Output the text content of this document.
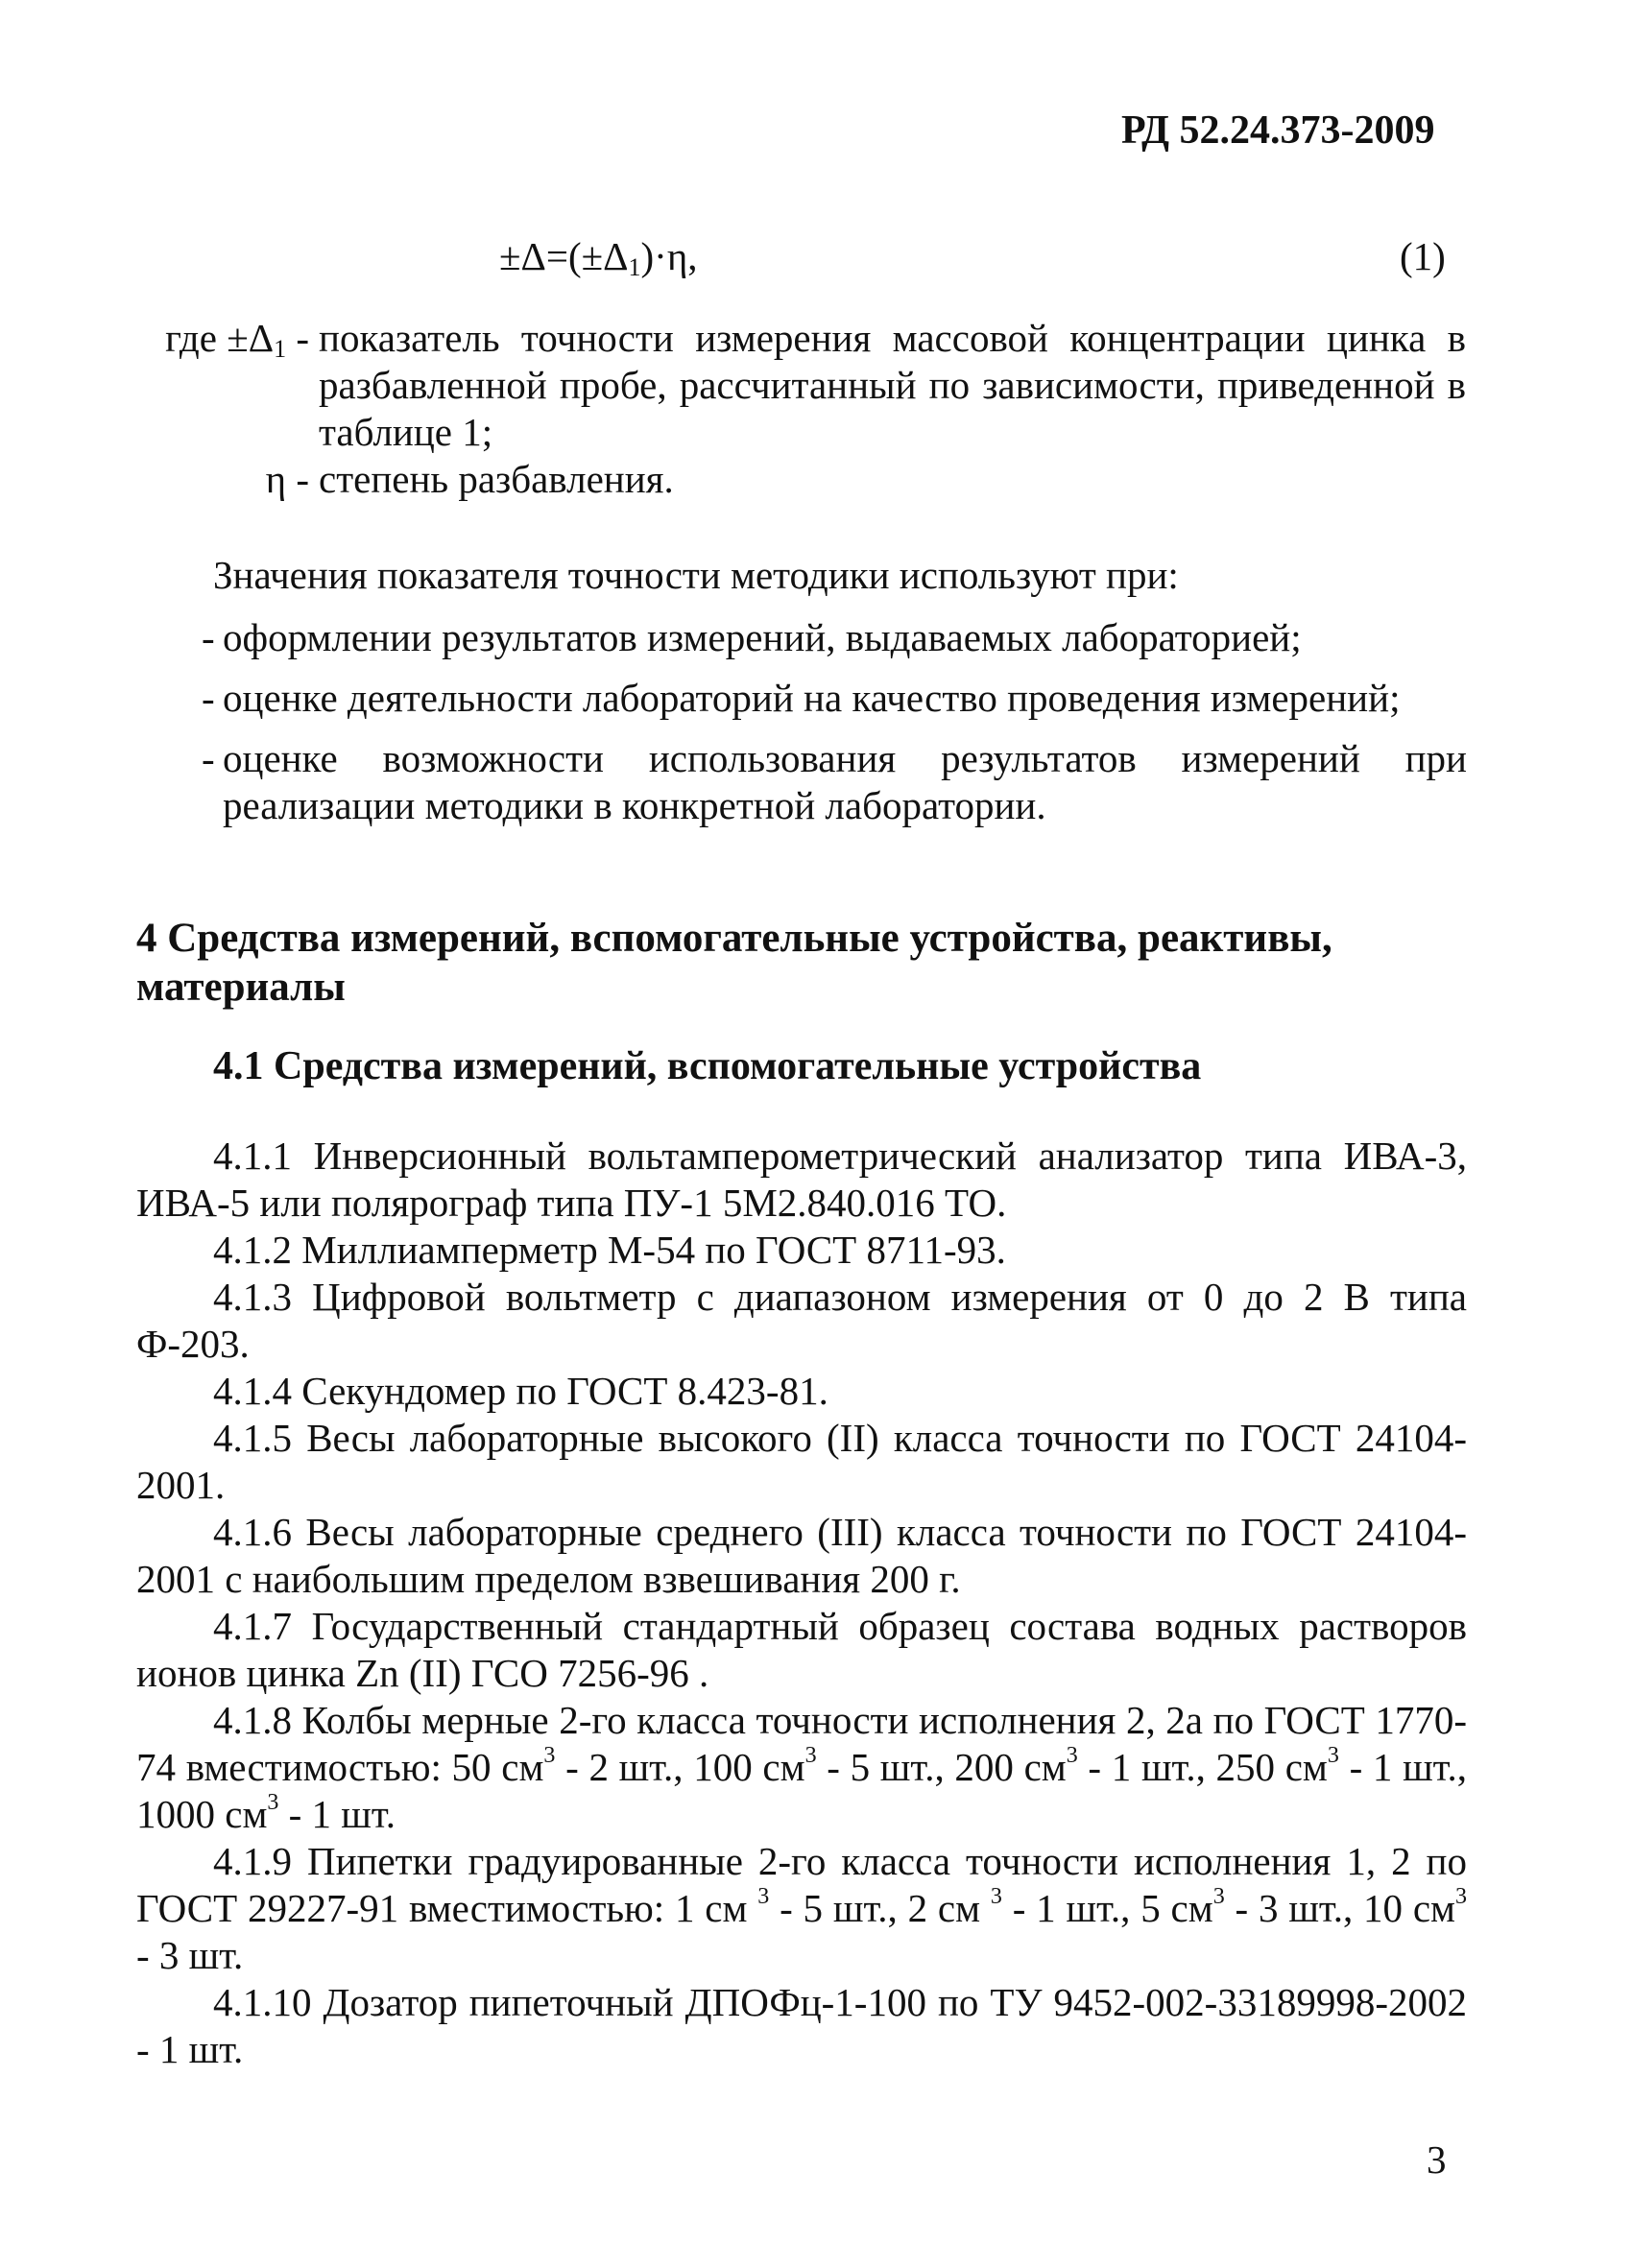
РД 52.24.373-2009
$\pm\Delta=(\pm\Delta_1)\cdot\eta$,	(1)
где $\pm\Delta_1$ - показатель точности измерения массовой концентрации цинка в разбавленной пробе, рассчитанный по зависимости, приведенной в таблице 1;
η - степень разбавления.
Значения показателя точности методики используют при:
- оформлении результатов измерений, выдаваемых лабораторией;
- оценке деятельности лабораторий на качество проведения измерений;
- оценке возможности использования результатов измерений при реализации методики в конкретной лаборатории.
4 Средства измерений, вспомогательные устройства, реактивы, материалы
4.1 Средства измерений, вспомогательные устройства

4.1.1 Инверсионный вольтамперометрический анализатор типа ИВА-3, ИВА-5 или полярограф типа ПУ-1 5М2.840.016 ТО.

4.1.2 Миллиамперметр М-54 по ГОСТ 8711-93.

4.1.3 Цифровой вольтметр с диапазоном измерения от 0 до 2 В типа Ф-203.

4.1.4 Секундомер по ГОСТ 8.423-81.

4.1.5 Весы лабораторные высокого (II) класса точности по ГОСТ 24104-2001.

4.1.6 Весы лабораторные среднего (III) класса точности по ГОСТ 24104-2001 с наибольшим пределом взвешивания 200 г.

4.1.7 Государственный стандартный образец состава водных растворов ионов цинка Zn (II) ГСО 7256-96 .

4.1.8 Колбы мерные 2-го класса точности исполнения 2, 2а по ГОСТ 1770-74 вместимостью: 50 $см^3 - 2$ шт., 100 $см^3 - 5$ шт., 200 $см^3 - 1$ шт., 250 $см^3 - 1$ шт., 1000 $см^3 - 1$ шт.

4.1.9 Пипетки градуированные 2-го класса точности исполнения 1, 2 по ГОСТ 29227-91 вместимостью: 1 см $^3$ - 5 шт., 2 см $^3$ - 1 шт., 5 $см^3 - 3$ шт., 10 $см^3 - 3$ шт.

4.1.10 Дозатор пипеточный ДПОФц-1-100 по ТУ 9452-002-33189998-2002 - 1 шт.

3
